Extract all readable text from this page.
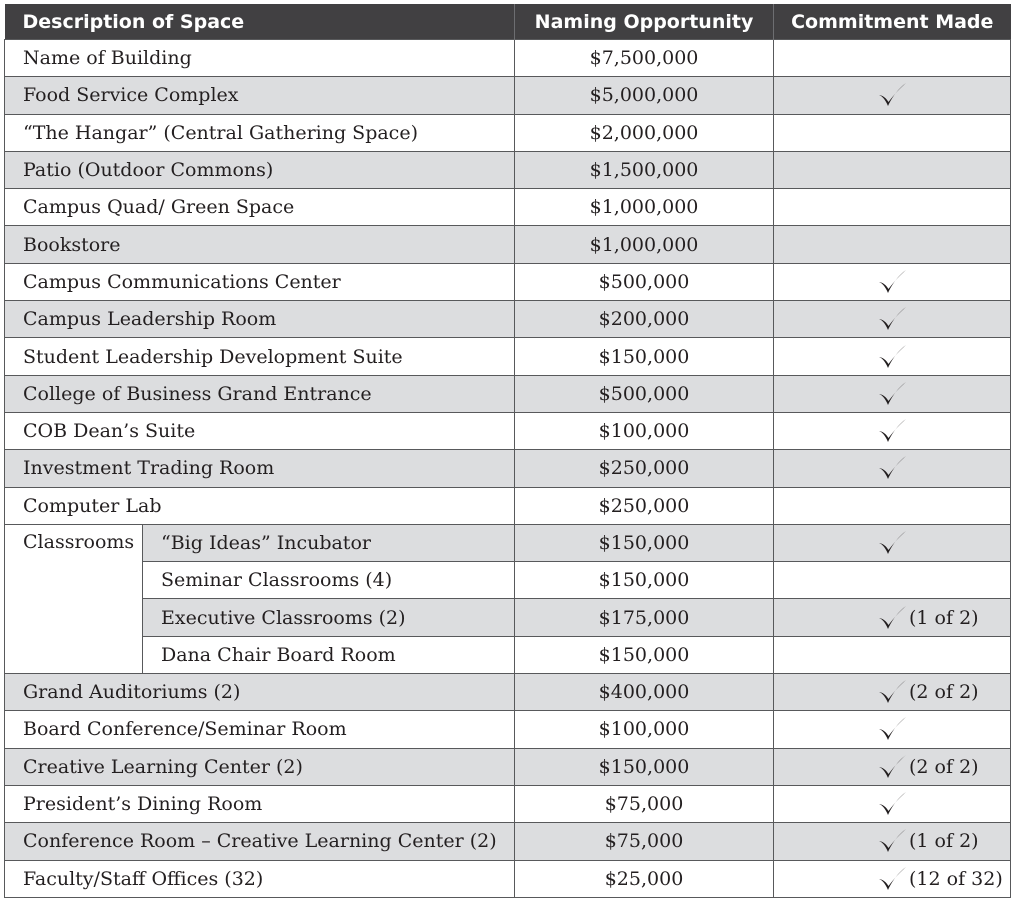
Description of Space		Naming Opportunity	Commitment Made
Name of Building		$7,500,000	
Food Service Complex		$5,000,000	
“The Hangar” (Central Gathering Space)		$2,000,000	
Patio (Outdoor Commons)		$1,500,000	
Campus Quad/ Green Space		$1,000,000	
Bookstore		$1,000,000	
Campus Communications Center		$500,000	
Campus Leadership Room		$200,000	
Student Leadership Development Suite		$150,000	
College of Business Grand Entrance		$500,000	
COB Dean’s Suite		$100,000	
Investment Trading Room		$250,000	
Computer Lab		$250,000	
Classrooms	“Big Ideas” Incubator	$150,000	
	Seminar Classrooms (4)	$150,000	
	Executive Classrooms (2)	$175,000	(1 of 2)
	Dana Chair Board Room	$150,000	
Grand Auditoriums (2)		$400,000	(2 of 2)
Board Conference/Seminar Room		$100,000	
Creative Learning Center (2)		$150,000	(2 of 2)
President’s Dining Room		$75,000	
Conference Room – Creative Learning Center (2)		$75,000	(1 of 2)
Faculty/Staff Offices (32)		$25,000	(12 of 32)
